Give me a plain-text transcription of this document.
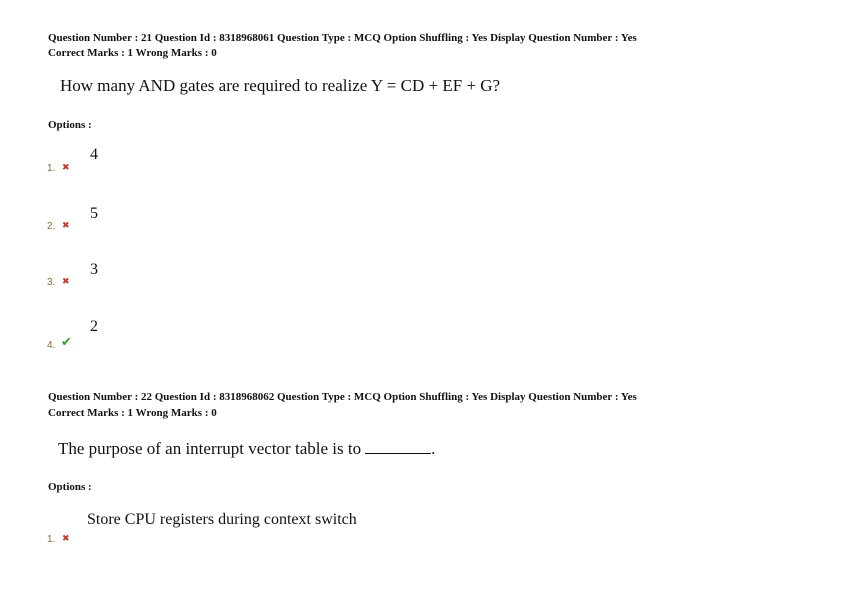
Question Number : 21 Question Id : 8318968061 Question Type : MCQ Option Shuffling : Yes Display Question Number : Yes
Correct Marks : 1 Wrong Marks : 0
How many AND gates are required to realize Y = CD + EF + G?
Options :
4
1. ✖
5
2. ✖
3
3. ✖
2
4. ✔
Question Number : 22 Question Id : 8318968062 Question Type : MCQ Option Shuffling : Yes Display Question Number : Yes
Correct Marks : 1 Wrong Marks : 0
The purpose of an interrupt vector table is to	.
Options :
Store CPU registers during context switch
1. ✖
